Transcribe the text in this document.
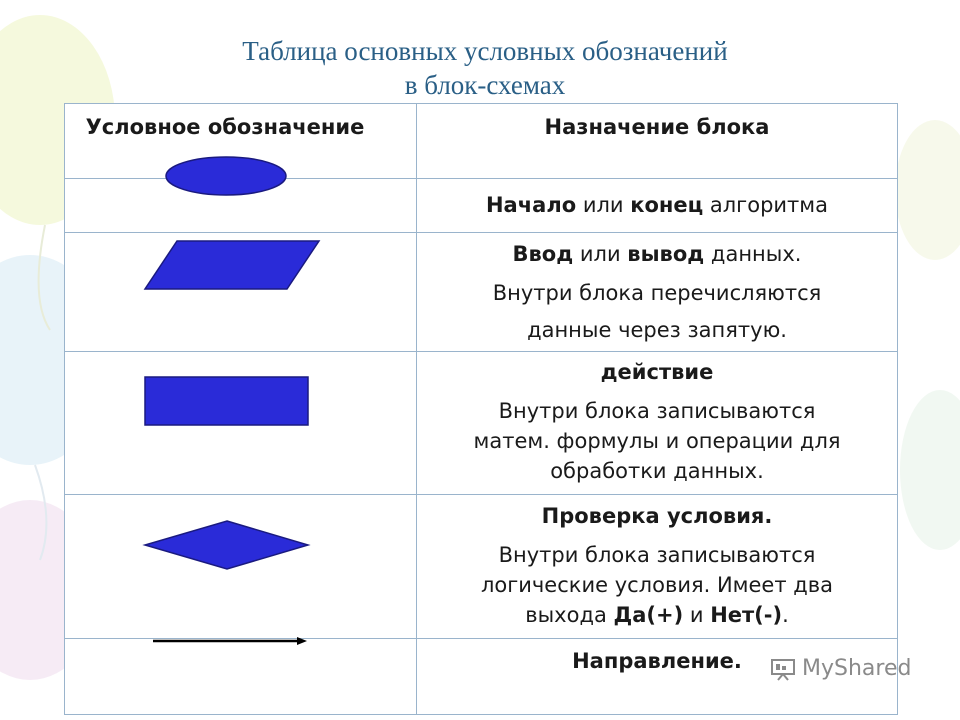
Таблица основных условных обозначений
в блок-схемах
Условное обозначение	Назначение блока
Начало или конец алгоритма
Ввод или вывод данных.
Внутри блока перечисляются
данные через запятую.
действие
Внутри блока записываются
матем. формулы и операции для
обработки данных.
Проверка условия.
Внутри блока записываются
логические условия. Имеет два
выхода Да(+) и Нет(-).
Направление.	MyShared
